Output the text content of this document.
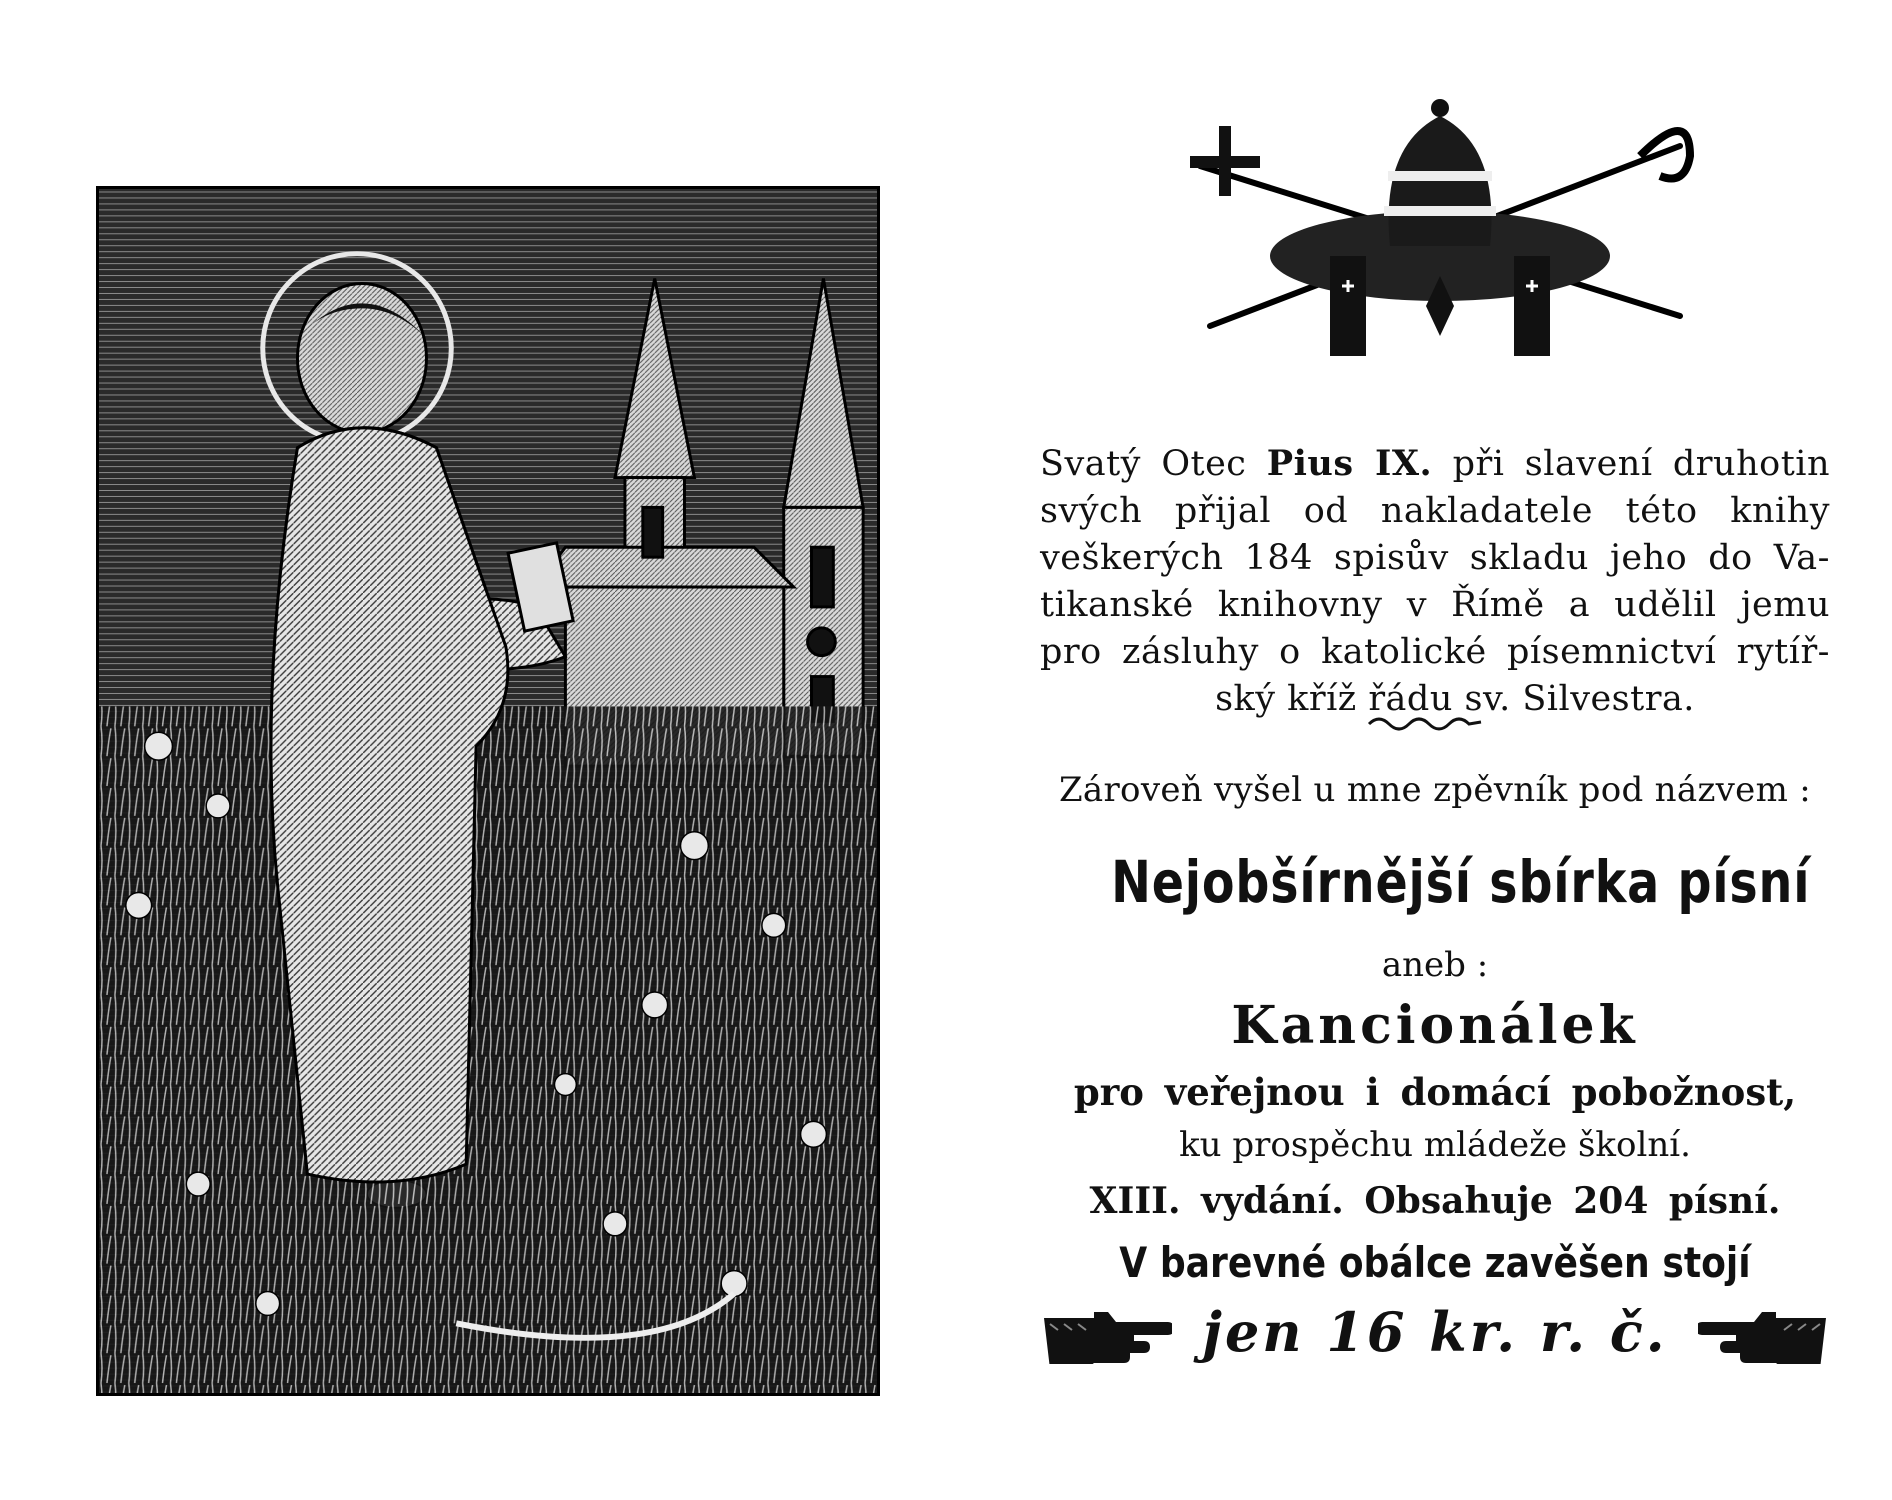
Svatý Otec Pius IX. při slavení druhotin
svých přijal od nakladatele této knihy
veškerých 184 spisův skladu jeho do Va-
tikanské knihovny v Římě a udělil jemu
pro zásluhy o katolické písemnictví rytíř-
ský kříž řádu sv. Silvestra.
Zároveň vyšel u mne zpěvník pod názvem :
Nejobšírnější sbírka písní
aneb :
Kancionálek
pro veřejnou i domácí pobožnost,
ku prospěchu mládeže školní.
XIII. vydání. Obsahuje 204 písní.
V barevné obálce zavěšen stojí
jen 16 kr. r. č.
